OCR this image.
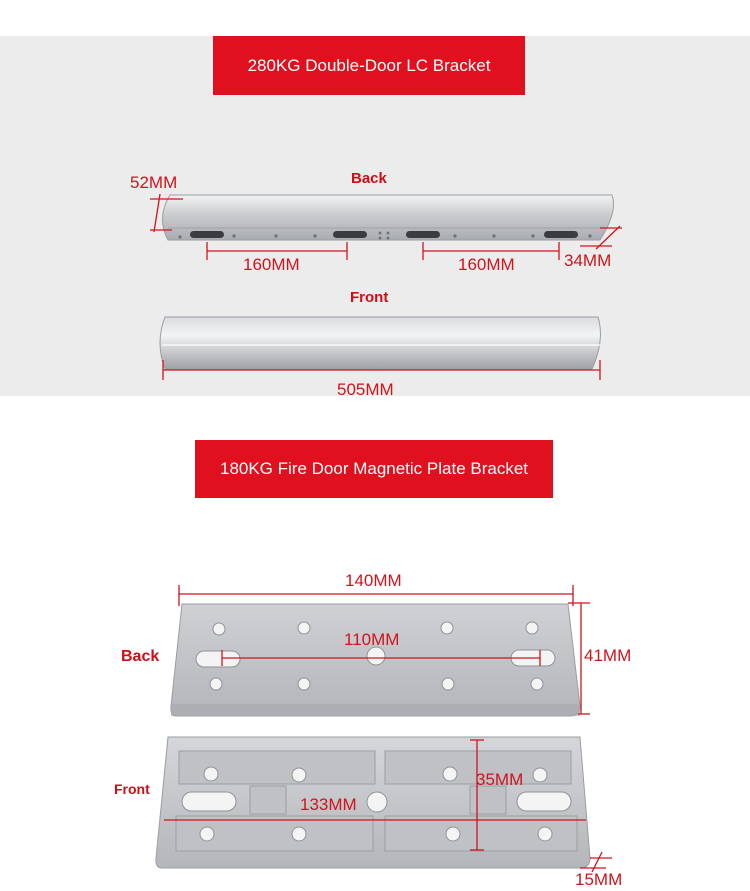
280KG Double-Door LC Bracket
180KG Fire Door Magnetic Plate Bracket
Back
Front
52MM
160MM	160MM	34MM
505MM
Back
Front
140MM
110MM
41MM
35MM
133MM
15MM
